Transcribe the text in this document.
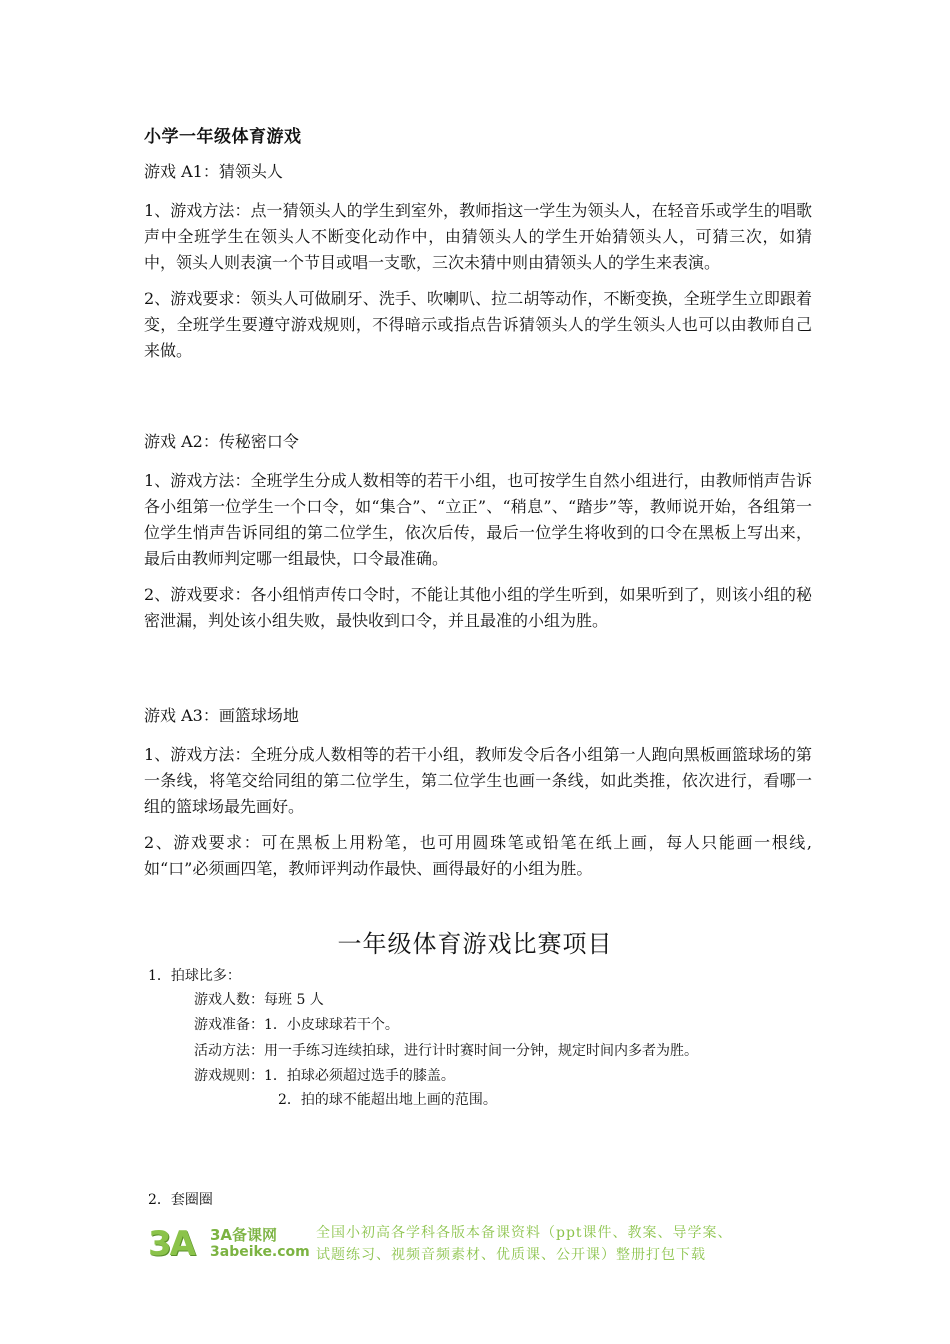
小学一年级体育游戏
游戏 A1：猜领头人
1、游戏方法：点一猜领头人的学生到室外，教师指这一学生为领头人，在轻音乐或学生的唱歌声中全班学生在领头人不断变化动作中，由猜领头人的学生开始猜领头人，可猜三次，如猜中，领头人则表演一个节目或唱一支歌，三次未猜中则由猜领头人的学生来表演。
2、游戏要求：领头人可做刷牙、洗手、吹喇叭、拉二胡等动作，不断变换，全班学生立即跟着变，全班学生要遵守游戏规则，不得暗示或指点告诉猜领头人的学生领头人也可以由教师自己来做。
游戏 A2：传秘密口令
1、游戏方法：全班学生分成人数相等的若干小组，也可按学生自然小组进行，由教师悄声告诉各小组第一位学生一个口令，如“集合”、“立正”、“稍息”、“踏步”等，教师说开始，各组第一位学生悄声告诉同组的第二位学生，依次后传，最后一位学生将收到的口令在黑板上写出来，最后由教师判定哪一组最快，口令最准确。
2、游戏要求：各小组悄声传口令时，不能让其他小组的学生听到，如果听到了，则该小组的秘密泄漏，判处该小组失败，最快收到口令，并且最准的小组为胜。
游戏 A3：画篮球场地
1、游戏方法：全班分成人数相等的若干小组，教师发令后各小组第一人跑向黑板画篮球场的第一条线，将笔交给同组的第二位学生，第二位学生也画一条线，如此类推，依次进行，看哪一组的篮球场最先画好。
2、游戏要求：可在黑板上用粉笔，也可用圆珠笔或铅笔在纸上画，每人只能画一根线,如“口”必须画四笔，教师评判动作最快、画得最好的小组为胜。
一年级体育游戏比赛项目
1．拍球比多：
游戏人数：每班 5 人
游戏准备：1．小皮球球若干个。
活动方法：用一手练习连续拍球，进行计时赛时间一分钟，规定时间内多者为胜。
游戏规则：1．拍球必须超过选手的膝盖。
2．拍的球不能超出地上画的范围。
2．套圈圈
3A 3A备课网
3abeike.com
全国小初高各学科各版本备课资料（ppt课件、教案、导学案、
试题练习、视频音频素材、优质课、公开课）整册打包下载
